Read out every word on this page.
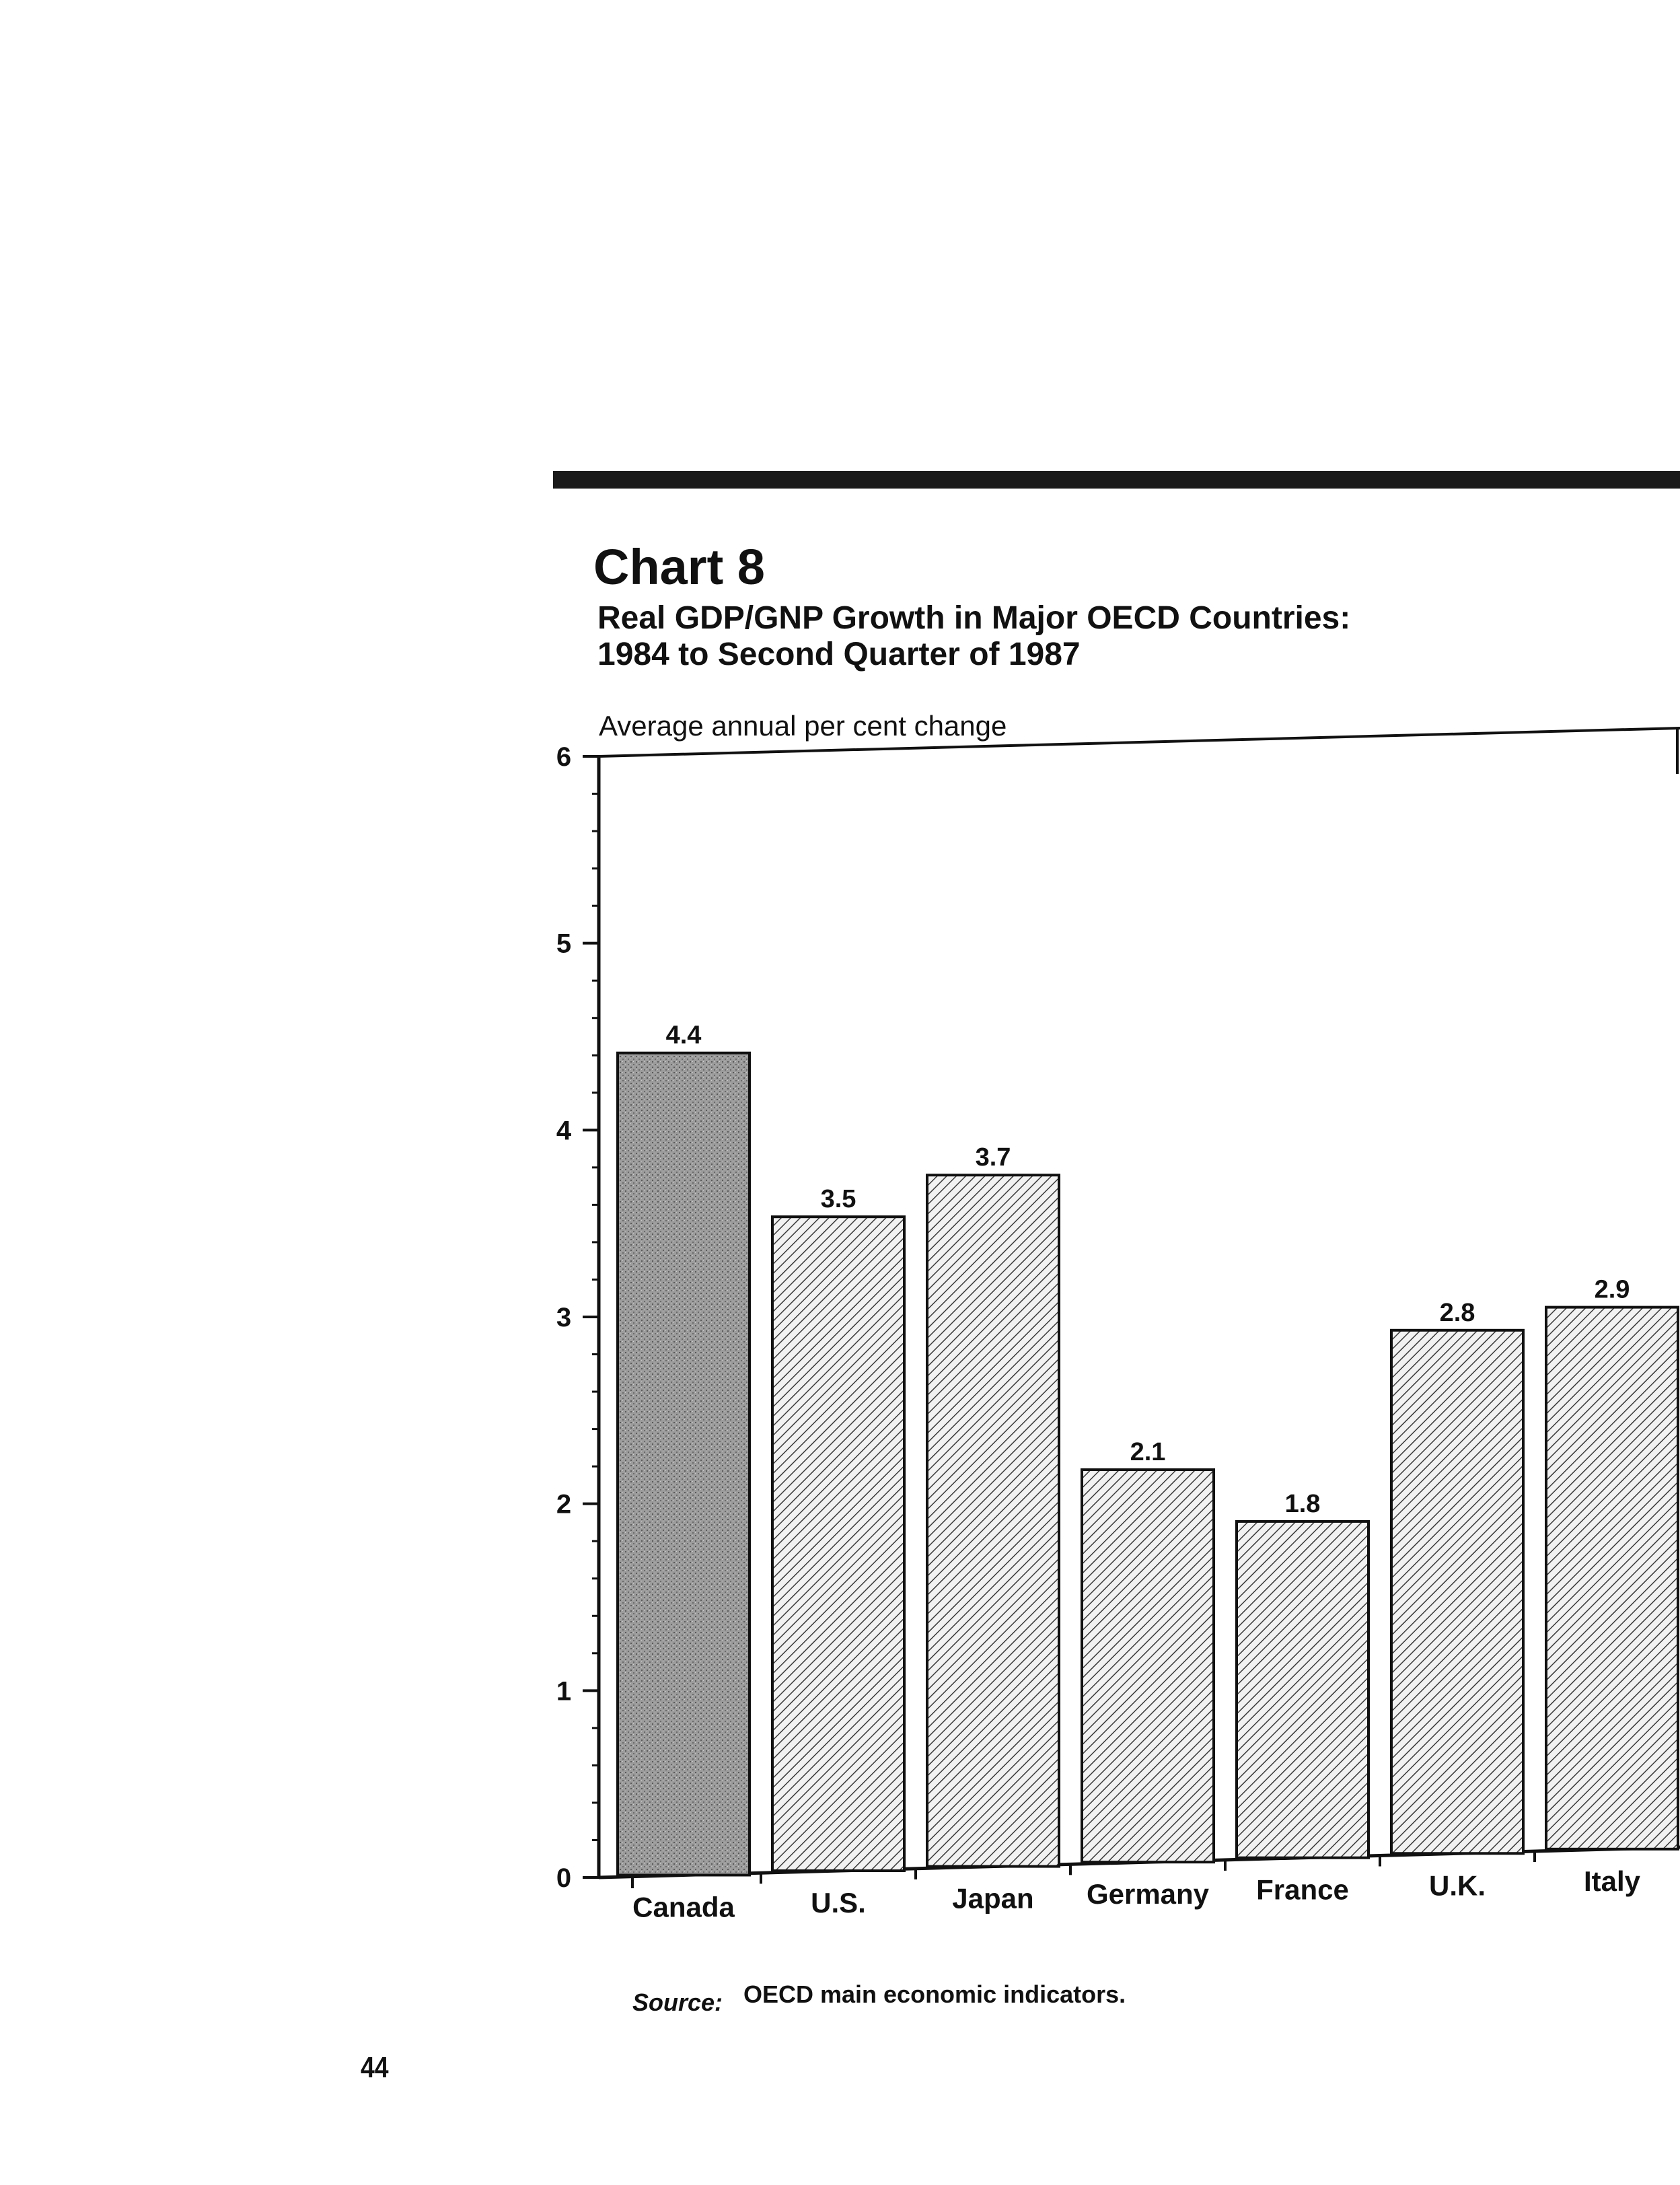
44
Chart 8
Real GDP/GNP Growth in Major OECD Countries:
1984 to Second Quarter of 1987
Average annual per cent change
0
1
2
3
4
5
6
4.4
3.5
3.7
2.1
1.8
2.8
2.9
Canada	U.S.	Japan Germany France	U.K.	Italy
Source: OECD main economic indicators.
